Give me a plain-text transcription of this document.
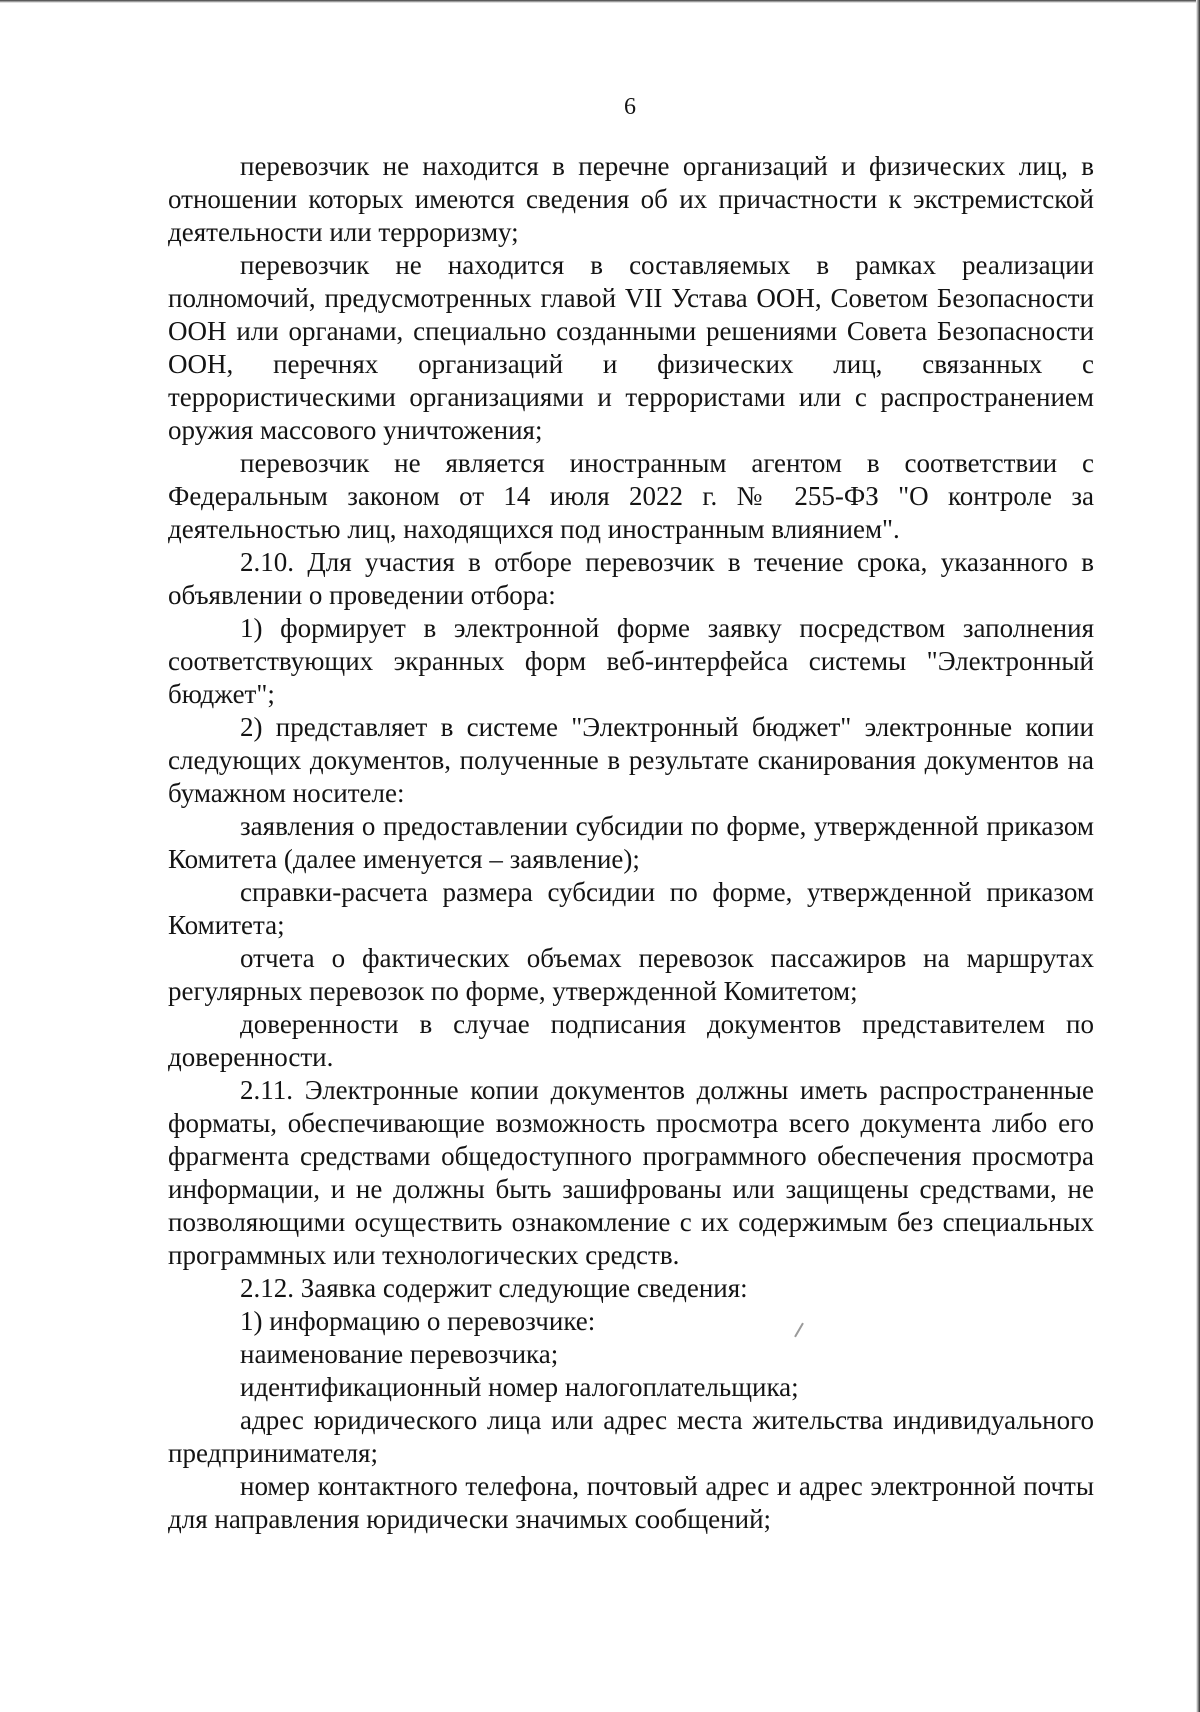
6

перевозчик не находится в перечне организаций и физических лиц, в отношении которых имеются сведения об их причастности к экстремистской деятельности или терроризму;

перевозчик не находится в составляемых в рамках реализации полномочий, предусмотренных главой VII Устава ООН, Советом Безопасности ООН или органами, специально созданными решениями Совета Безопасности ООН, перечнях организаций и физических лиц, связанных с террористическими организациями и террористами или с распространением оружия массового уничтожения;

перевозчик не является иностранным агентом в соответствии с Федеральным законом от 14 июля 2022 г. № 255-ФЗ "О контроле за деятельностью лиц, находящихся под иностранным влиянием".

2.10. Для участия в отборе перевозчик в течение срока, указанного в объявлении о проведении отбора:

1) формирует в электронной форме заявку посредством заполнения соответствующих экранных форм веб-интерфейса системы "Электронный бюджет";

2) представляет в системе "Электронный бюджет" электронные копии следующих документов, полученные в результате сканирования документов на бумажном носителе:

заявления о предоставлении субсидии по форме, утвержденной приказом Комитета (далее именуется – заявление);

справки-расчета размера субсидии по форме, утвержденной приказом Комитета;

отчета о фактических объемах перевозок пассажиров на маршрутах регулярных перевозок по форме, утвержденной Комитетом;

доверенности в случае подписания документов представителем по доверенности.

2.11. Электронные копии документов должны иметь распространенные форматы, обеспечивающие возможность просмотра всего документа либо его фрагмента средствами общедоступного программного обеспечения просмотра информации, и не должны быть зашифрованы или защищены средствами, не позволяющими осуществить ознакомление с их содержимым без специальных программных или технологических средств.

2.12. Заявка содержит следующие сведения:

1) информацию о перевозчике:

наименование перевозчика;

идентификационный номер налогоплательщика;

адрес юридического лица или адрес места жительства индивидуального предпринимателя;

номер контактного телефона, почтовый адрес и адрес электронной почты для направления юридически значимых сообщений;
